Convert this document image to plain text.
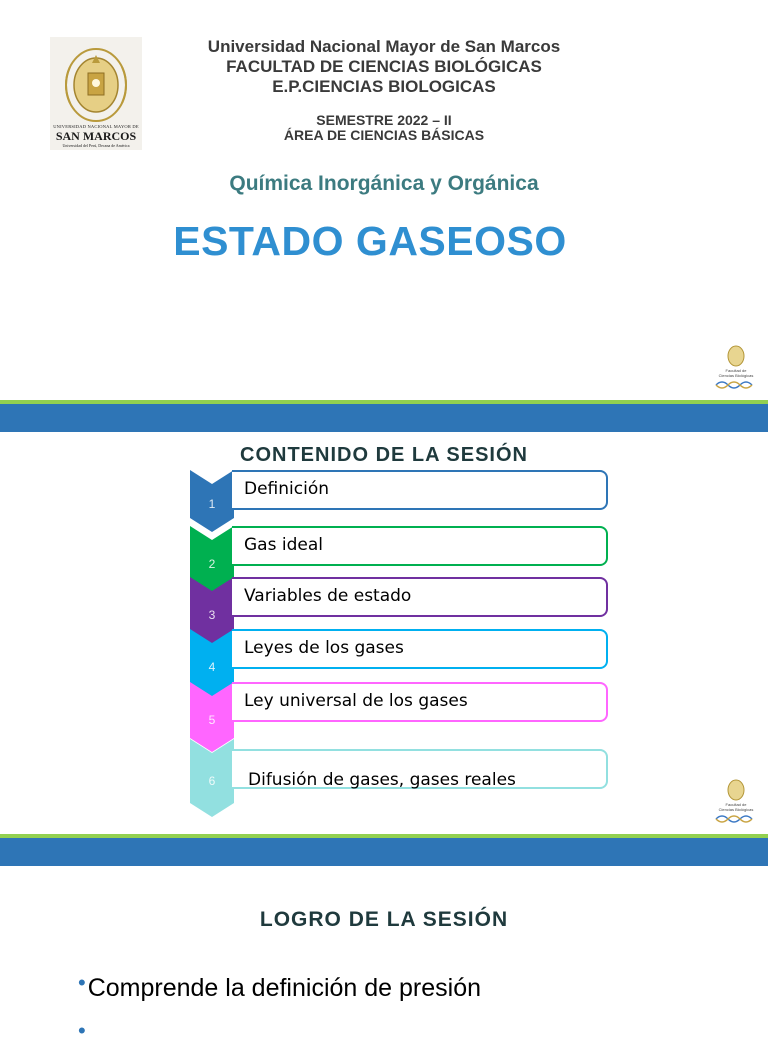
UNIVERSIDAD NACIONAL MAYOR DE
SAN MARCOS
Universidad del Perú, Decana de América
Universidad Nacional Mayor de San Marcos
FACULTAD DE CIENCIAS BIOLÓGICAS
E.P.CIENCIAS BIOLOGICAS
SEMESTRE 2022 – II
ÁREA DE CIENCIAS BÁSICAS
Química Inorgánica y Orgánica
ESTADO GASEOSO
Facultad de
Ciencias Biológicas
CONTENIDO DE LA SESIÓN
1
Definición
2
Gas ideal
3
Variables de estado
4
Leyes de los gases
5
Ley universal de los gases
6	Difusión de gases, gases reales
Facultad de
Ciencias Biológicas
LOGRO DE LA SESIÓN
•Comprende la definición de presión
•
